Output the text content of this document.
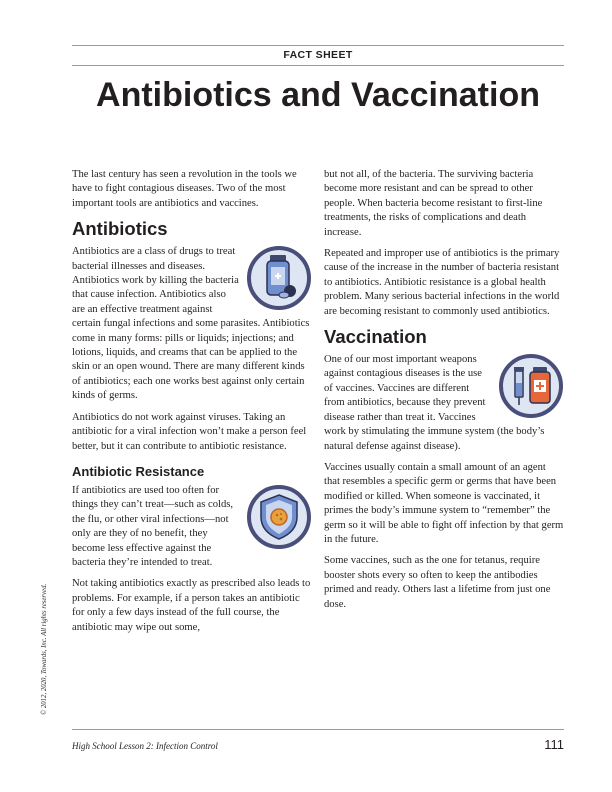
FACT SHEET
Antibiotics and Vaccination

The last century has seen a revolution in the tools we have to fight contagious diseases. Two of the most important tools are antibiotics and vaccines.

Antibiotics

Antibiotics are a class of drugs to treat bacterial illnesses and diseases. Antibiotics work by killing the bacteria that cause infection. Antibiotics also are an effective treatment against certain fungal infections and some parasites. Antibiotics come in many forms: pills or liquids; injections; and lotions, liquids, and creams that can be applied to the skin or an open wound. There are many different kinds of antibiotics; each one works best against only certain kinds of germs.

Antibiotics do not work against viruses. Taking an antibiotic for a viral infection won’t make a person feel better, but it can contribute to antibiotic resistance.

Antibiotic Resistance

If antibiotics are used too often for things they can’t treat—such as colds, the flu, or other viral infections—not only are they of no benefit, they become less effective against the bacteria they’re intended to treat.

Not taking antibiotics exactly as prescribed also leads to problems. For example, if a person takes an antibiotic for only a few days instead of the full course, the antibiotic may wipe out some,

but not all, of the bacteria. The surviving bacteria become more resistant and can be spread to other people. When bacteria become resistant to first-line treatments, the risks of complications and death increase.

Repeated and improper use of antibiotics is the primary cause of the increase in the number of bacteria resistant to antibiotics. Antibiotic resistance is a global health problem. Many serious bacterial infections in the world are becoming resistant to commonly used antibiotics.

Vaccination

One of our most important weapons against contagious diseases is the use of vaccines. Vaccines are different from antibiotics, because they prevent disease rather than treat it. Vaccines work by stimulating the immune system (the body’s natural defense against disease).

Vaccines usually contain a small amount of an agent that resembles a specific germ or germs that have been modified or killed. When someone is vaccinated, it primes the body’s immune system to “remember” the germ so it will be able to fight off infection by that germ in the future.

Some vaccines, such as the one for tetanus, require booster shots every so often to keep the antibodies primed and ready. Others last a lifetime from just one dose.

© 2012, 2020, Towards, Inc. All rights reserved.
High School Lesson 2: Infection Control	111
